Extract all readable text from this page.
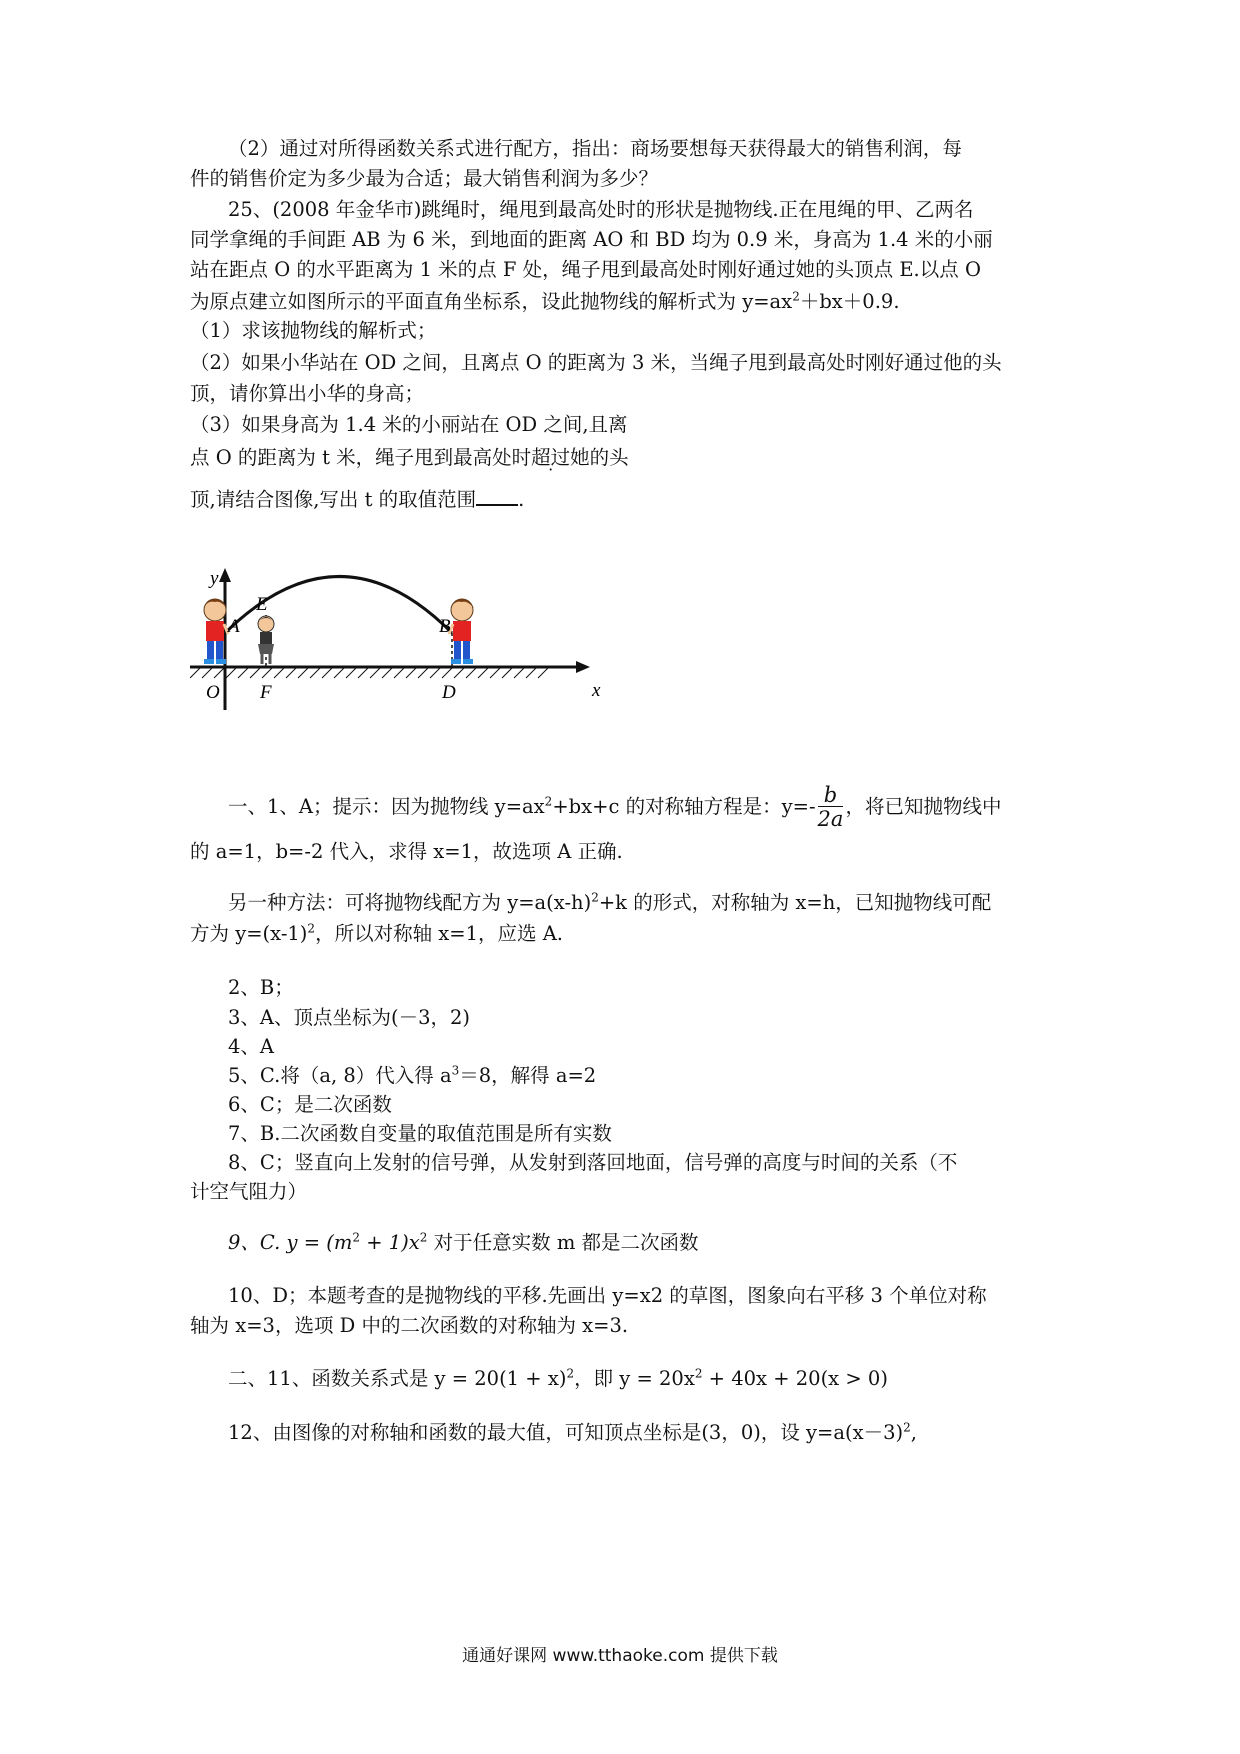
（2）通过对所得函数关系式进行配方，指出：商场要想每天获得最大的销售利润，每
件的销售价定为多少最为合适；最大销售利润为多少？
25、(2008 年金华市)跳绳时，绳甩到最高处时的形状是抛物线.正在甩绳的甲、乙两名
同学拿绳的手间距 AB 为 6 米，到地面的距离 AO 和 BD 均为 0.9 米，身高为 1.4 米的小丽
站在距点 O 的水平距离为 1 米的点 F 处，绳子甩到最高处时刚好通过她的头顶点 E.以点 O
为原点建立如图所示的平面直角坐标系，设此抛物线的解析式为 $y=ax^2+bx+0.9$.
（1）求该抛物线的解析式；
（2）如果小华站在 OD 之间，且离点 O 的距离为 3 米，当绳子甩到最高处时刚好通过他的头
顶，请你算出小华的身高；
（3）如果身高为 1.4 米的小丽站在 OD 之间,且离
点 O 的距离为 t 米，绳子甩到最高处时超过她的头
顶,请结合图像,写出 t 的取值范围 .
y
x
A
E
B
O F	D
一、1、A；提示：因为抛物线 $y=ax^2+bx+c$ 的对称轴方程是：$y=- \frac{b}{2a}$ ，将已知抛物线中
的 a=1，b=-2 代入，求得 x=1，故选项 A 正确.
另一种方法：可将抛物线配方为 $y=a(x-h)^2+k$ 的形式，对称轴为 x=h，已知抛物线可配
方为 $y=(x-1)^2$，所以对称轴 x=1，应选 A.
2、B；
3、A、顶点坐标为(－3，2)
4、A
5、C.将（a, 8）代入得 $a^3=8$，解得 a=2
6、C；是二次函数
7、B.二次函数自变量的取值范围是所有实数
8、C；竖直向上发射的信号弹，从发射到落回地面，信号弹的高度与时间的关系（不
计空气阻力）
9、C. $y = (m^2 + 1)x^2$ 对于任意实数 m 都是二次函数
10、D；本题考查的是抛物线的平移.先画出 y=x2 的草图，图象向右平移 3 个单位对称
轴为 x=3，选项 D 中的二次函数的对称轴为 x=3.
二、11、函数关系式是 $y = 20(1 + x)^2$，即 $y = 20x^2 + 40x + 20(x > 0)$
12、由图像的对称轴和函数的最大值，可知顶点坐标是(3，0)，设 $y=a(x-3)^2$,
通通好课网 www.tthaoke.com 提供下载
